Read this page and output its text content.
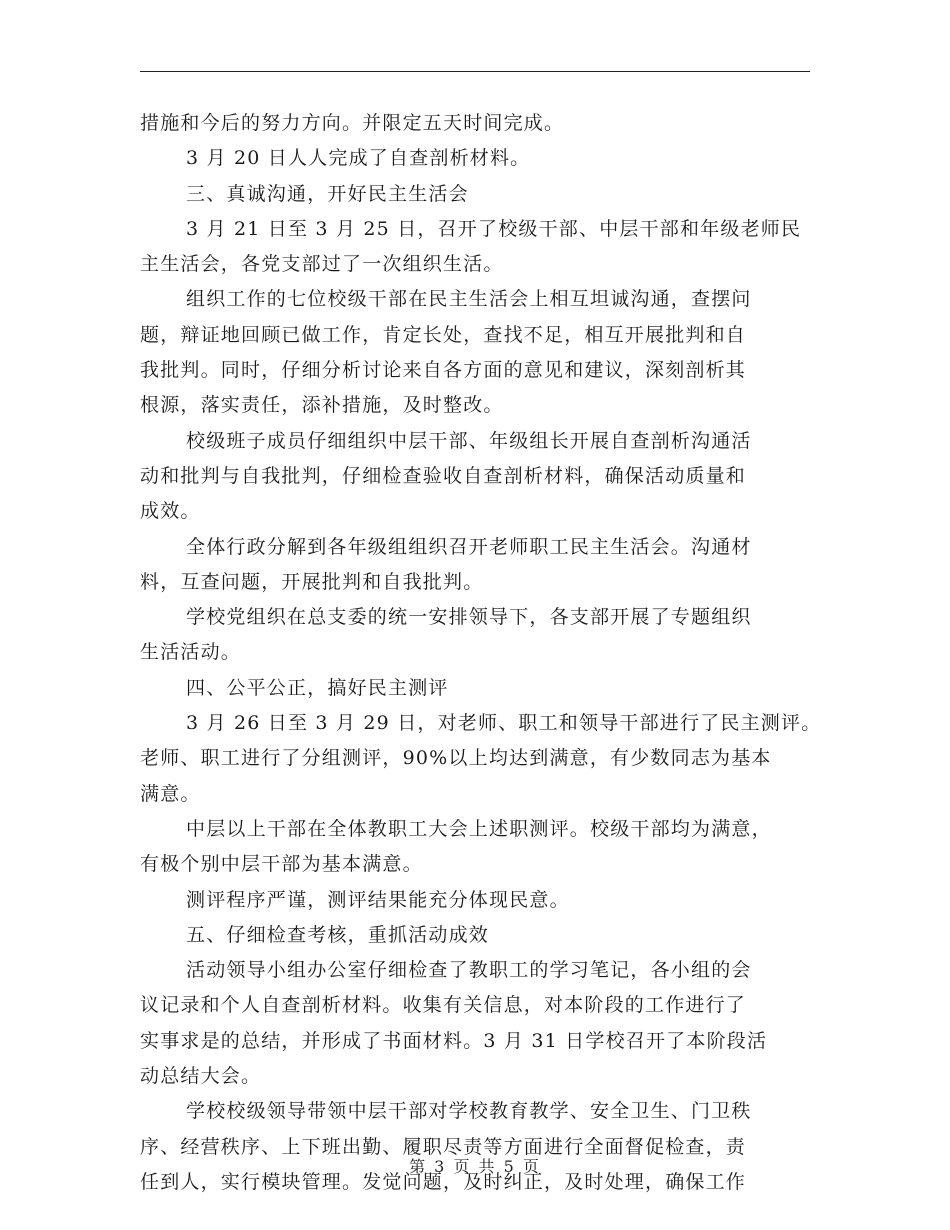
措施和今后的努力方向。并限定五天时间完成。
3 月 20 日人人完成了自查剖析材料。
三、真诚沟通，开好民主生活会
3 月 21 日至 3 月 25 日，召开了校级干部、中层干部和年级老师民
主生活会，各党支部过了一次组织生活。
组织工作的七位校级干部在民主生活会上相互坦诚沟通，查摆问
题，辩证地回顾已做工作，肯定长处，查找不足，相互开展批判和自
我批判。同时，仔细分析讨论来自各方面的意见和建议，深刻剖析其
根源，落实责任，添补措施，及时整改。
校级班子成员仔细组织中层干部、年级组长开展自查剖析沟通活
动和批判与自我批判，仔细检查验收自查剖析材料，确保活动质量和
成效。
全体行政分解到各年级组组织召开老师职工民主生活会。沟通材
料，互查问题，开展批判和自我批判。
学校党组织在总支委的统一安排领导下，各支部开展了专题组织
生活活动。
四、公平公正，搞好民主测评
3 月 26 日至 3 月 29 日，对老师、职工和领导干部进行了民主测评。
老师、职工进行了分组测评，90%以上均达到满意，有少数同志为基本
满意。
中层以上干部在全体教职工大会上述职测评。校级干部均为满意，
有极个别中层干部为基本满意。
测评程序严谨，测评结果能充分体现民意。
五、仔细检查考核，重抓活动成效
活动领导小组办公室仔细检查了教职工的学习笔记，各小组的会
议记录和个人自查剖析材料。收集有关信息，对本阶段的工作进行了
实事求是的总结，并形成了书面材料。3 月 31 日学校召开了本阶段活
动总结大会。
学校校级领导带领中层干部对学校教育教学、安全卫生、门卫秩
序、经营秩序、上下班出勤、履职尽责等方面进行全面督促检查，责
任到人，实行模块管理。发觉问题，及时纠正，及时处理，确保工作
第 3 页 共 5 页
